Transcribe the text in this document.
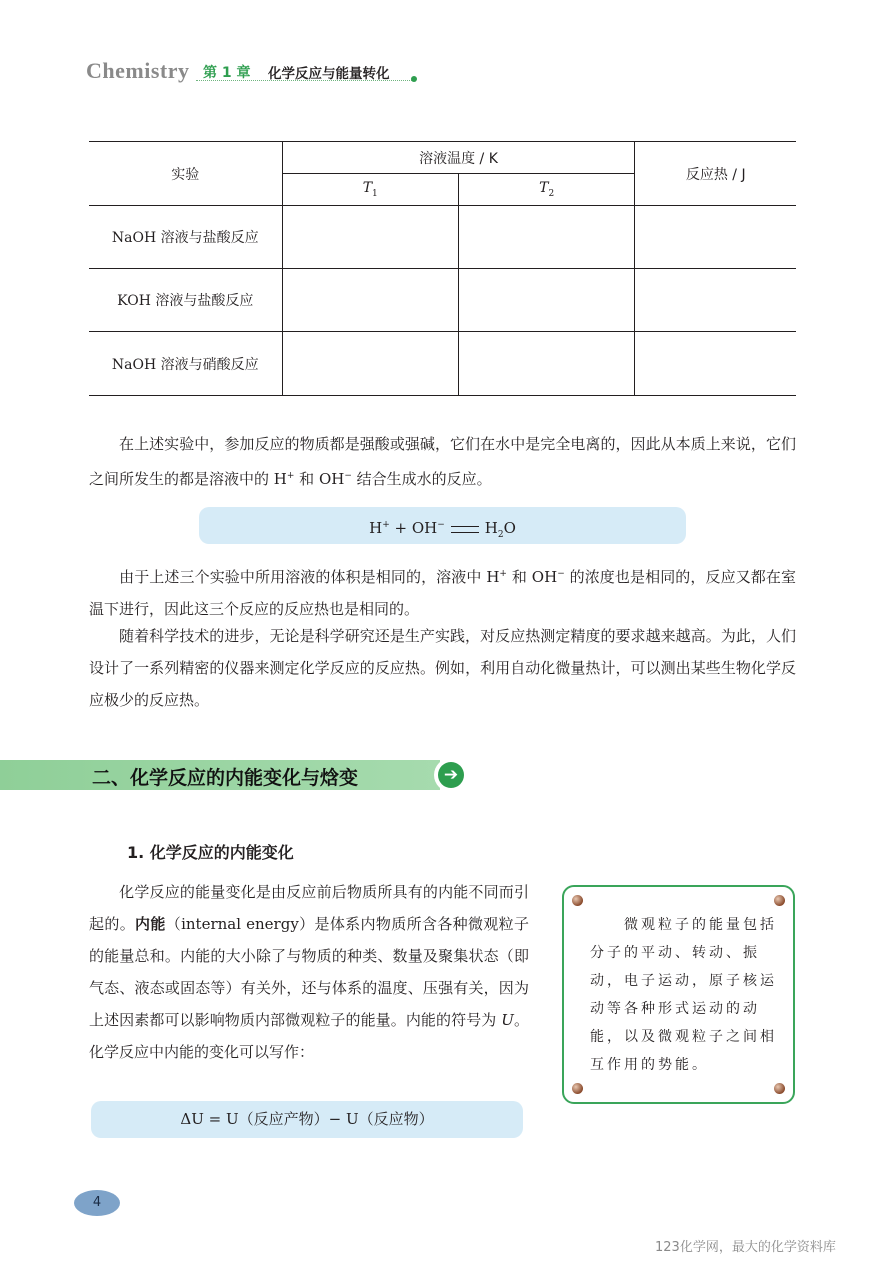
Chemistry 第 1 章 化学反应与能量转化
实验	溶液温度 / K		反应热 / J
	$T_1$	$T_2$
NaOH 溶液与盐酸反应			
KOH 溶液与盐酸反应			
NaOH 溶液与硝酸反应			

在上述实验中，参加反应的物质都是强酸或强碱，它们在水中是完全电离的，因此从本质上来说，它们之间所发生的都是溶液中的 H+ 和 OH− 结合生成水的反应。

H+ + OH−	$H_2O$

由于上述三个实验中所用溶液的体积是相同的，溶液中 H+ 和 OH− 的浓度也是相同的，反应又都在室温下进行，因此这三个反应的反应热也是相同的。

随着科学技术的进步，无论是科学研究还是生产实践，对反应热测定精度的要求越来越高。为此，人们设计了一系列精密的仪器来测定化学反应的反应热。例如，利用自动化微量热计，可以测出某些生物化学反应极少的反应热。

二、化学反应的内能变化与焓变	➔
1. 化学反应的内能变化

化学反应的能量变化是由反应前后物质所具有的内能不同而引起的。内能（internal energy）是体系内物质所含各种微观粒子的能量总和。内能的大小除了与物质的种类、数量及聚集状态（即气态、液态或固态等）有关外，还与体系的温度、压强有关，因为上述因素都可以影响物质内部微观粒子的能量。内能的符号为 U。化学反应中内能的变化可以写作：

ΔU = U（反应产物）− U（反应物）
微观粒子的能量包括分子的平动、转动、振动，电子运动，原子核运动等各种形式运动的动能，以及微观粒子之间相互作用的势能。
4
123化学网，最大的化学资料库
